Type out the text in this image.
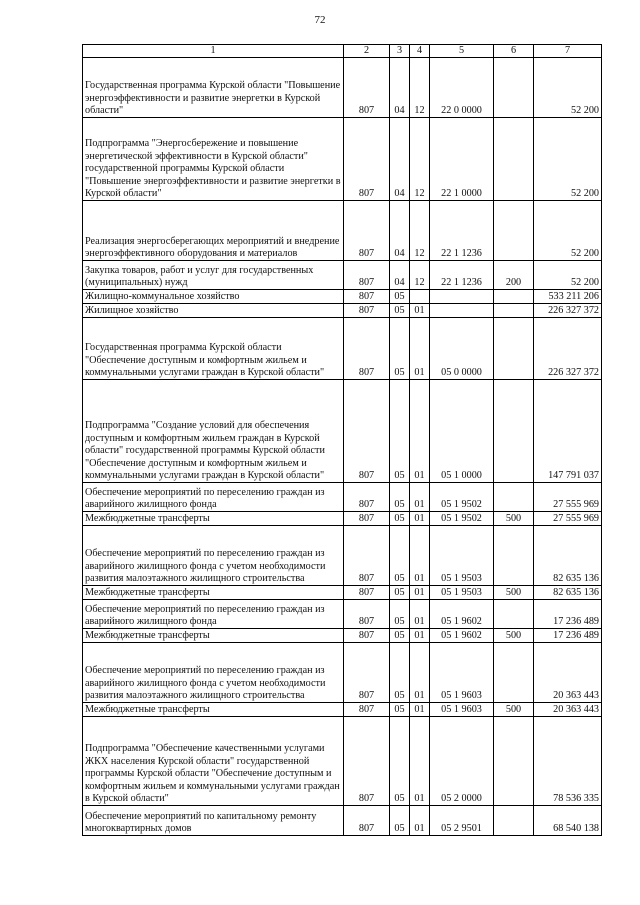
72
1	2	3	4	5	6	7
Государственная программа Курской области "Повышение энергоэффективности и развитие энергетки в Курской области"	807	04	12	22 0 0000		52 200
Подпрограмма "Энергосбережение и повышение энергетической эффективности в Курской области" государственной программы Курской области "Повышение энергоэффективности и развитие энергетки в Курской области"	807	04	12	22 1 0000		52 200
Реализация энергосберегающих мероприятий и внедрение энергоэффективного оборудования и материалов	807	04	12	22 1 1236		52 200
Закупка товаров, работ и услуг для государственных (муниципальных) нужд	807	04	12	22 1 1236	200	52 200
Жилищно-коммунальное хозяйство	807	05				533 211 206
Жилищное хозяйство	807	05	01			226 327 372
Государственная программа Курской области "Обеспечение доступным и комфортным жильем и коммунальными услугами граждан в Курской области"	807	05	01	05 0 0000		226 327 372
Подпрограмма "Создание условий для обеспечения доступным и комфортным жильем граждан в Курской области" государственной программы Курской области "Обеспечение доступным и комфортным жильем и коммунальными услугами граждан в Курской области"	807	05	01	05 1 0000		147 791 037
Обеспечение мероприятий по переселению граждан из аварийного жилищного фонда	807	05	01	05 1 9502		27 555 969
Межбюджетные трансферты	807	05	01	05 1 9502	500	27 555 969
Обеспечение мероприятий по переселению граждан из аварийного жилищного фонда с учетом необходимости развития малоэтажного жилищного строительства	807	05	01	05 1 9503		82 635 136
Межбюджетные трансферты	807	05	01	05 1 9503	500	82 635 136
Обеспечение мероприятий по переселению граждан из аварийного жилищного фонда	807	05	01	05 1 9602		17 236 489
Межбюджетные трансферты	807	05	01	05 1 9602	500	17 236 489
Обеспечение мероприятий по переселению граждан из аварийного жилищного фонда с учетом необходимости развития малоэтажного жилищного строительства	807	05	01	05 1 9603		20 363 443
Межбюджетные трансферты	807	05	01	05 1 9603	500	20 363 443
Подпрограмма "Обеспечение качественными услугами ЖКХ населения Курской области" государственной программы Курской области "Обеспечение доступным и комфортным жильем и коммунальными услугами граждан в Курской области"	807	05	01	05 2 0000		78 536 335
Обеспечение мероприятий по капитальному ремонту многоквартирных домов	807	05	01	05 2 9501		68 540 138
